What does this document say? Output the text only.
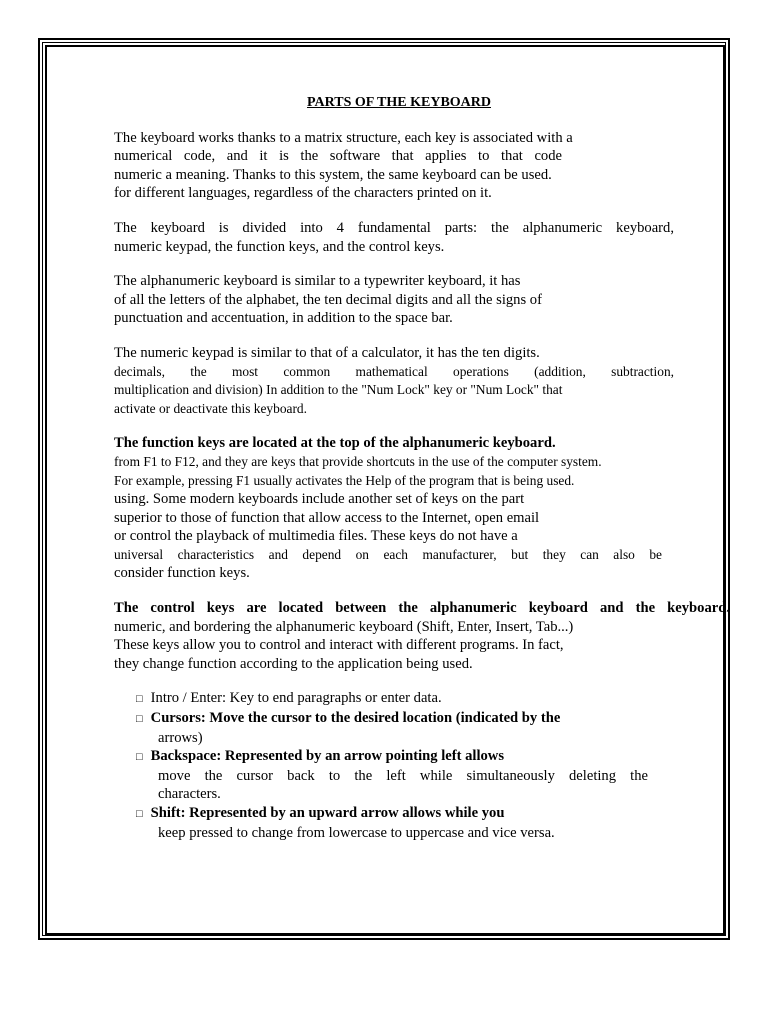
PARTS OF THE KEYBOARD
The keyboard works thanks to a matrix structure, each key is associated with a
numerical code, and it is the software that applies to that code
numeric a meaning. Thanks to this system, the same keyboard can be used.
for different languages, regardless of the characters printed on it.
The keyboard is divided into 4 fundamental parts: the alphanumeric keyboard,
numeric keypad, the function keys, and the control keys.
The alphanumeric keyboard is similar to a typewriter keyboard, it has
of all the letters of the alphabet, the ten decimal digits and all the signs of
punctuation and accentuation, in addition to the space bar.
The numeric keypad is similar to that of a calculator, it has the ten digits.
decimals, the most common mathematical operations (addition, subtraction,
multiplication and division) In addition to the "Num Lock" key or "Num Lock" that
activate or deactivate this keyboard.
The function keys are located at the top of the alphanumeric keyboard.
from F1 to F12, and they are keys that provide shortcuts in the use of the computer system.
For example, pressing F1 usually activates the Help of the program that is being used.
using. Some modern keyboards include another set of keys on the part
superior to those of function that allow access to the Internet, open email
or control the playback of multimedia files. These keys do not have a
universal characteristics and depend on each manufacturer, but they can also be
consider function keys.
The control keys are located between the alphanumeric keyboard and the keyboard.
numeric, and bordering the alphanumeric keyboard (Shift, Enter, Insert, Tab...)
These keys allow you to control and interact with different programs. In fact,
they change function according to the application being used.
□ Intro / Enter: Key to end paragraphs or enter data.
□ Cursors: Move the cursor to the desired location (indicated by the
arrows)
□ Backspace: Represented by an arrow pointing left allows
move the cursor back to the left while simultaneously deleting the
characters.
□ Shift: Represented by an upward arrow allows while you
keep pressed to change from lowercase to uppercase and vice versa.
